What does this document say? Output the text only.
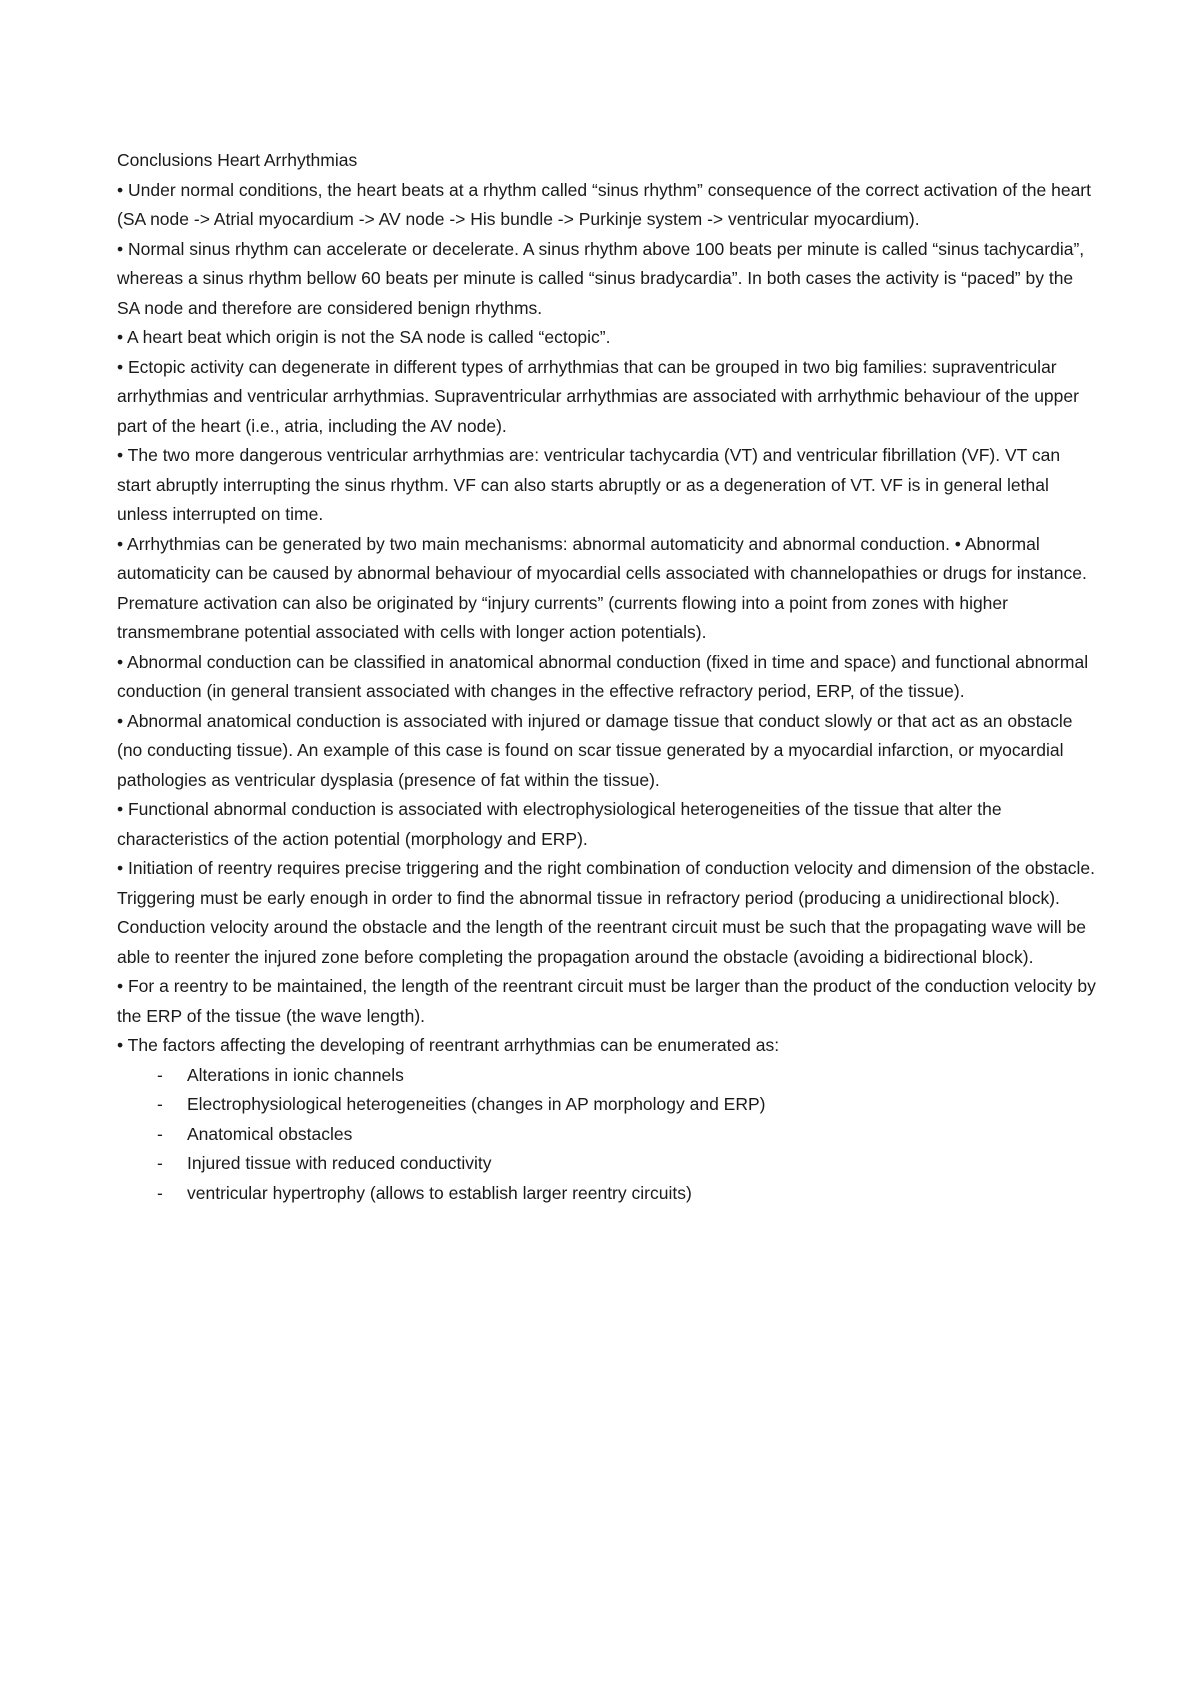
Conclusions Heart Arrhythmias

• Under normal conditions, the heart beats at a rhythm called “sinus rhythm” consequence of the correct activation of the heart (SA node -> Atrial myocardium -> AV node -> His bundle -> Purkinje system -> ventricular myocardium).

• Normal sinus rhythm can accelerate or decelerate. A sinus rhythm above 100 beats per minute is called “sinus tachycardia”, whereas a sinus rhythm bellow 60 beats per minute is called “sinus bradycardia”. In both cases the activity is “paced” by the SA node and therefore are considered benign rhythms.

• A heart beat which origin is not the SA node is called “ectopic”.

• Ectopic activity can degenerate in different types of arrhythmias that can be grouped in two big families: supraventricular arrhythmias and ventricular arrhythmias. Supraventricular arrhythmias are associated with arrhythmic behaviour of the upper part of the heart (i.e., atria, including the AV node).

• The two more dangerous ventricular arrhythmias are: ventricular tachycardia (VT) and ventricular fibrillation (VF). VT can start abruptly interrupting the sinus rhythm. VF can also starts abruptly or as a degeneration of VT. VF is in general lethal unless interrupted on time.

• Arrhythmias can be generated by two main mechanisms: abnormal automaticity and abnormal conduction. • Abnormal automaticity can be caused by abnormal behaviour of myocardial cells associated with channelopathies or drugs for instance. Premature activation can also be originated by “injury currents” (currents flowing into a point from zones with higher transmembrane potential associated with cells with longer action potentials).

• Abnormal conduction can be classified in anatomical abnormal conduction (fixed in time and space) and functional abnormal conduction (in general transient associated with changes in the effective refractory period, ERP, of the tissue).

• Abnormal anatomical conduction is associated with injured or damage tissue that conduct slowly or that act as an obstacle (no conducting tissue). An example of this case is found on scar tissue generated by a myocardial infarction, or myocardial pathologies as ventricular dysplasia (presence of fat within the tissue).

• Functional abnormal conduction is associated with electrophysiological heterogeneities of the tissue that alter the characteristics of the action potential (morphology and ERP).

• Initiation of reentry requires precise triggering and the right combination of conduction velocity and dimension of the obstacle. Triggering must be early enough in order to find the abnormal tissue in refractory period (producing a unidirectional block). Conduction velocity around the obstacle and the length of the reentrant circuit must be such that the propagating wave will be able to reenter the injured zone before completing the propagation around the obstacle (avoiding a bidirectional block).

• For a reentry to be maintained, the length of the reentrant circuit must be larger than the product of the conduction velocity by the ERP of the tissue (the wave length).

• The factors affecting the developing of reentrant arrhythmias can be enumerated as:

- Alterations in ionic channels
- Electrophysiological heterogeneities (changes in AP morphology and ERP)
- Anatomical obstacles
- Injured tissue with reduced conductivity
- ventricular hypertrophy (allows to establish larger reentry circuits)
